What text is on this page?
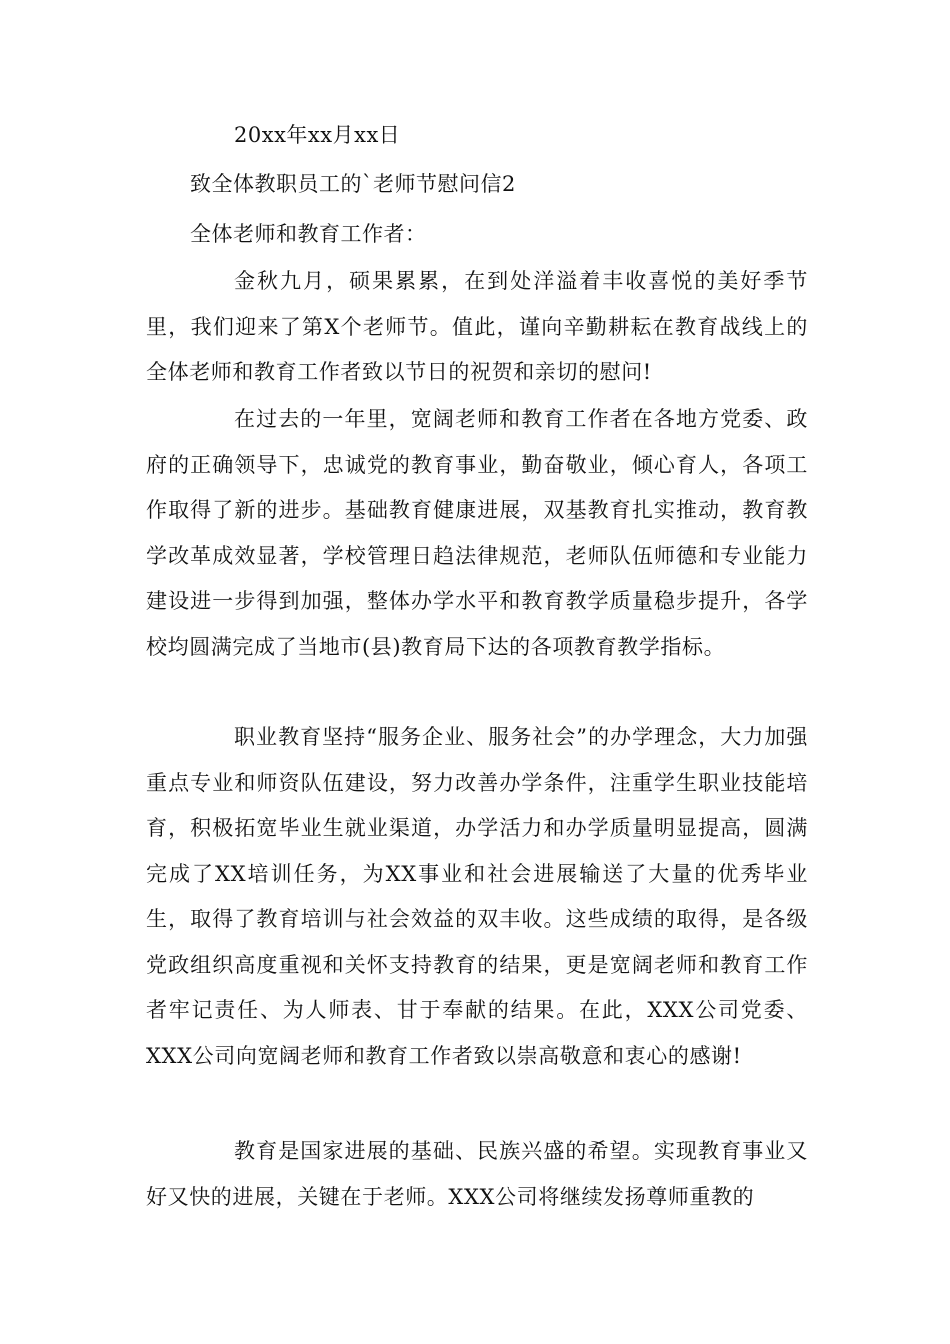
20xx年xx月xx日
致全体教职员工的`老师节慰问信2
全体老师和教育工作者：
金秋九月，硕果累累，在到处洋溢着丰收喜悦的美好季节里，我们迎来了第X个老师节。值此，谨向辛勤耕耘在教育战线上的全体老师和教育工作者致以节日的祝贺和亲切的慰问!
在过去的一年里，宽阔老师和教育工作者在各地方党委、政府的正确领导下，忠诚党的教育事业，勤奋敬业，倾心育人，各项工作取得了新的进步。基础教育健康进展，双基教育扎实推动，教育教学改革成效显著，学校管理日趋法律规范，老师队伍师德和专业能力建设进一步得到加强，整体办学水平和教育教学质量稳步提升，各学校均圆满完成了当地市(县)教育局下达的各项教育教学指标。
职业教育坚持“服务企业、服务社会”的办学理念，大力加强重点专业和师资队伍建设，努力改善办学条件，注重学生职业技能培育，积极拓宽毕业生就业渠道，办学活力和办学质量明显提高，圆满完成了XX培训任务，为XX事业和社会进展输送了大量的优秀毕业生，取得了教育培训与社会效益的双丰收。这些成绩的取得，是各级党政组织高度重视和关怀支持教育的结果，更是宽阔老师和教育工作者牢记责任、为人师表、甘于奉献的结果。在此，XXX公司党委、XXX公司向宽阔老师和教育工作者致以崇高敬意和衷心的感谢!
教育是国家进展的基础、民族兴盛的希望。实现教育事业又好又快的进展，关键在于老师。XXX公司将继续发扬尊师重教的
